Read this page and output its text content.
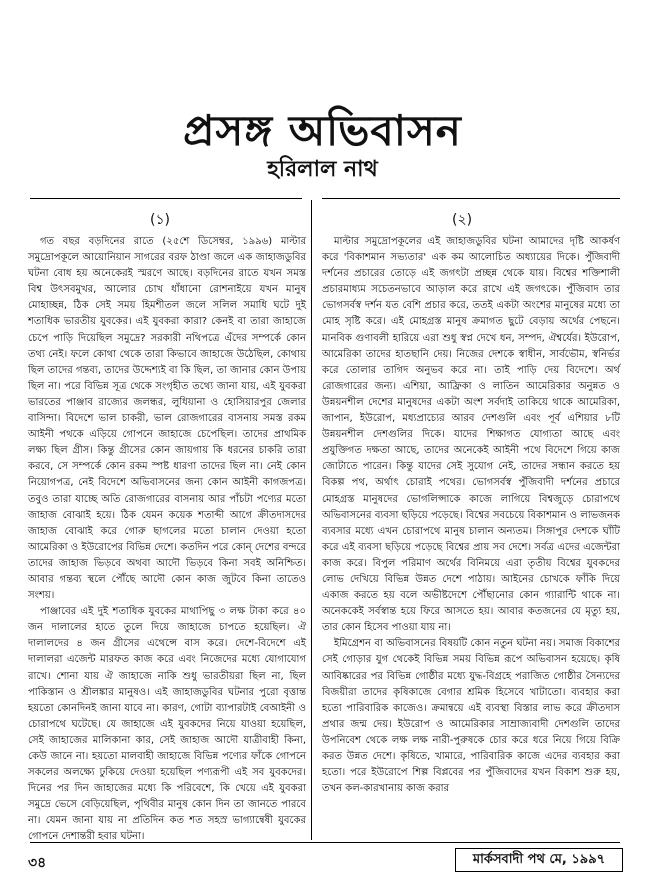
প্রসঙ্গ অভিবাসন
হরিলাল নাথ
(১)	(২)

গত বছর বড়দিনের রাতে (২৫শে ডিসেম্বর, ১৯৯৬) মাল্টার সমুদ্রোপকূলে আয়োনিয়ান সাগরের বরফ ঠাণ্ডা জলে এক জাহাজডুবির ঘটনা বোধ হয় অনেকেরই স্মরণে আছে। বড়দিনের রাতে যখন সমস্ত বিশ্ব উৎসবমুখর, আলোর চোখ ধাঁধানো রোশনাইয়ে যখন মানুষ মোহাচ্ছন্ন, ঠিক সেই সময় হিমশীতল জলে সলিল সমাধি ঘটে দুই শতাধিক ভারতীয় যুবকের। এই যুবকরা কারা? কেনই বা তারা জাহাজে চেপে পাড়ি দিয়েছিল সমুদ্রে? সরকারী নথিপত্রে এঁদের সম্পর্কে কোন তথ্য নেই। ফলে কোথা থেকে তারা কিভাবে জাহাজে উঠেছিল, কোথায় ছিল তাদের গন্তব্য, তাদের উদ্দেশ্যই বা কি ছিল, তা জানার কোন উপায় ছিল না। পরে বিভিন্ন সূত্র থেকে সংগৃহীত তথ্যে জানা যায়, এই যুবকরা ভারতের পাঞ্জাব রাজ্যের জলন্ধর, লুধিয়ানা ও হোসিয়ারপুর জেলার বাসিন্দা। বিদেশে ভাল চাকরী, ভাল রোজগারের বাসনায় সমস্ত রকম আইনী পথকে এড়িয়ে গোপনে জাহাজে চেপেছিল। তাদের প্রাথমিক লক্ষ্য ছিল গ্রীস। কিন্তু গ্রীসের কোন জায়গায় কি ধরনের চাকরি তারা করবে, সে সম্পর্কে কোন রকম স্পষ্ট ধারণা তাদের ছিল না। নেই কোন নিয়োগপত্র, নেই বিদেশে অভিবাসনের জন্য কোন আইনী কাগজপত্র। তবুও তারা যাচ্ছে অতি রোজগারের বাসনায় আর পাঁচটা পণ্যের মতো জাহাজ বোঝাই হয়ে। ঠিক যেমন কয়েক শতাব্দী আগে ক্রীতদাসদের জাহাজ বোঝাই করে গোরু ছাগলের মতো চালান দেওয়া হতো আমেরিকা ও ইউরোপের বিভিন্ন দেশে। কতদিন পরে কোন্ দেশের বন্দরে তাদের জাহাজ ভিড়বে অথবা আদৌ ভিড়বে কিনা সবই অনিশ্চিত। আবার গন্তব্য স্থলে পৌঁছে আদৌ কোন কাজ জুটবে কিনা তাতেও সংশয়।

পাঞ্জাবের এই দুই শতাধিক যুবকের মাথাপিছু ৩ লক্ষ টাকা করে ৪০ জন দালালের হাতে তুলে দিয়ে জাহাজে চাপতে হয়েছিল। ঐ দালালদের ৪ জন গ্রীসের এথেন্সে বাস করে। দেশে-বিদেশে এই দালালরা এজেন্ট মারফত কাজ করে এবং নিজেদের মধ্যে যোগাযোগ রাখে। শোনা যায় ঐ জাহাজে নাকি শুধু ভারতীয়রা ছিল না, ছিল পাকিস্তান ও শ্রীলঙ্কার মানুষও। এই জাহাজডুবির ঘটনার পুরো বৃত্তান্ত হয়তো কোনদিনই জানা যাবে না। কারণ, গোটা ব্যাপারটাই বেআইনী ও চোরাপথে ঘটেছে। যে জাহাজে এই যুবকদের নিয়ে যাওয়া হয়েছিল, সেই জাহাজের মালিকানা কার, সেই জাহাজ আদৌ যাত্রীবাহী কিনা, কেউ জানে না। হয়তো মালবাহী জাহাজে বিভিন্ন পণ্যের ফাঁকে গোপনে সকলের অলক্ষ্যে ঢুকিয়ে দেওয়া হয়েছিল পণ্যরূপী এই সব যুবকদের। দিনের পর দিন জাহাজের মধ্যে কি পরিবেশে, কি খেয়ে এই যুবকরা সমুদ্রে ভেসে বেড়িয়েছিল, পৃথিবীর মানুষ কোন দিন তা জানতে পারবে না। যেমন জানা যায় না প্রতিদিন কত শত সহস্র ভাগ্যান্বেষী যুবকের গোপনে দেশান্তরী হবার ঘটনা।

মাল্টার সমুদ্রোপকূলের এই জাহাজডুবির ঘটনা আমাদের দৃষ্টি আকর্ষণ করে 'বিকাশমান সভ্যতার' এক কম আলোচিত অধ্যায়ের দিকে। পুঁজিবাদী দর্শনের প্রচারের তোড়ে এই জগৎটা প্রচ্ছন্ন থেকে যায়। বিশ্বের শক্তিশালী প্রচারমাধ্যম সচেতনভাবে আড়াল করে রাখে এই জগৎকে। পুঁজিবাদ তার ভোগসর্বস্ব দর্শন যত বেশি প্রচার করে, ততই একটা অংশের মানুষের মধ্যে তা মোহ সৃষ্টি করে। এই মোহগ্রস্ত মানুষ ক্রমাগত ছুটে বেড়ায় অর্থের পেছনে। মানবিক গুণাবলী হারিয়ে এরা শুধু স্বপ্ন দেখে ধন, সম্পদ, ঐশ্বর্যের। ইউরোপ, আমেরিকা তাদের হাতছানি দেয়। নিজের দেশকে স্বাধীন, সার্বভৌম, স্বনির্ভর করে তোলার তাগিদ অনুভব করে না। তাই পাড়ি দেয় বিদেশে। অর্থ রোজগারের জন্য। এশিয়া, আফ্রিকা ও লাতিন আমেরিকার অনুন্নত ও উন্নয়নশীল দেশের মানুষদের একটা অংশ সর্বদাই তাকিয়ে থাকে আমেরিকা, জাপান, ইউরোপ, মধ্যপ্রাচ্যের আরব দেশগুলি এবং পূর্ব এশিয়ার ৮টি উন্নয়নশীল দেশগুলির দিকে। যাদের শিক্ষাগত যোগ্যতা আছে এবং প্রযুক্তিগত দক্ষতা আছে, তাদের অনেকেই আইনী পথে বিদেশে গিয়ে কাজ জোটাতে পারেন। কিন্তু যাদের সেই সুযোগ নেই, তাদের সন্ধান করতে হয় বিকল্প পথ, অর্থাৎ চোরাই পথের। ভোগসর্বস্ব পুঁজিবাদী দর্শনের প্রচারে মোহগ্রস্ত মানুষদের ভোগলিপ্সাকে কাজে লাগিয়ে বিশ্বজুড়ে চোরাপথে অভিবাসনের ব্যবসা ছড়িয়ে পড়েছে। বিশ্বের সবচেয়ে বিকাশমান ও লাভজনক ব্যবসার মধ্যে এখন চোরাপথে মানুষ চালান অন্যতম। সিঙ্গাপুর দেশকে ঘাঁটি করে এই ব্যবসা ছড়িয়ে পড়েছে বিশ্বের প্রায় সব দেশে। সর্বত্র এদের এজেন্টরা কাজ করে। বিপুল পরিমাণ অর্থের বিনিময়ে এরা তৃতীয় বিশ্বের যুবকদের লোভ দেখিয়ে বিভিন্ন উন্নত দেশে পাঠায়। আইনের চোখকে ফাঁকি দিয়ে একাজ করতে হয় বলে অভীষ্টদেশে পৌঁছানোর কোন গ্যারান্টি থাকে না। অনেককেই সর্বস্বান্ত হয়ে ফিরে আসতে হয়। আবার কতজনের যে মৃত্যু হয়, তার কোন হিসেব পাওয়া যায় না।

ইমিগ্রেশন বা অভিবাসনের বিষয়টি কোন নতুন ঘটনা নয়। সমাজ বিকাশের সেই গোড়ার যুগ থেকেই বিভিন্ন সময় বিভিন্ন রূপে অভিবাসন হয়েছে। কৃষি আবিষ্কারের পর বিভিন্ন গোষ্ঠীর মধ্যে যুদ্ধ-বিগ্রহে পরাজিত গোষ্ঠীর সৈন্যদের বিজয়ীরা তাদের কৃষিকাজে বেগার শ্রমিক হিসেবে খাটাতো। ব্যবহার করা হতো পারিবারিক কাজেও। ক্রমান্বয়ে এই ব্যবস্থা বিস্তার লাভ করে ক্রীতদাস প্রথার জন্ম দেয়। ইউরোপ ও আমেরিকার সাম্রাজ্যবাদী দেশগুলি তাদের উপনিবেশ থেকে লক্ষ লক্ষ নারী-পুরুষকে চোর করে ধরে নিয়ে গিয়ে বিক্রি করত উন্নত দেশে। কৃষিতে, খামারে, পারিবারিক কাজে এদের ব্যবহার করা হতো। পরে ইউরোপে শিল্প বিপ্লবের পর পুঁজিবাদের যখন বিকাশ শুরু হয়, তখন কল-কারখানায় কাজ করার

৩৪	মার্কসবাদী পথ মে, ১৯৯৭
